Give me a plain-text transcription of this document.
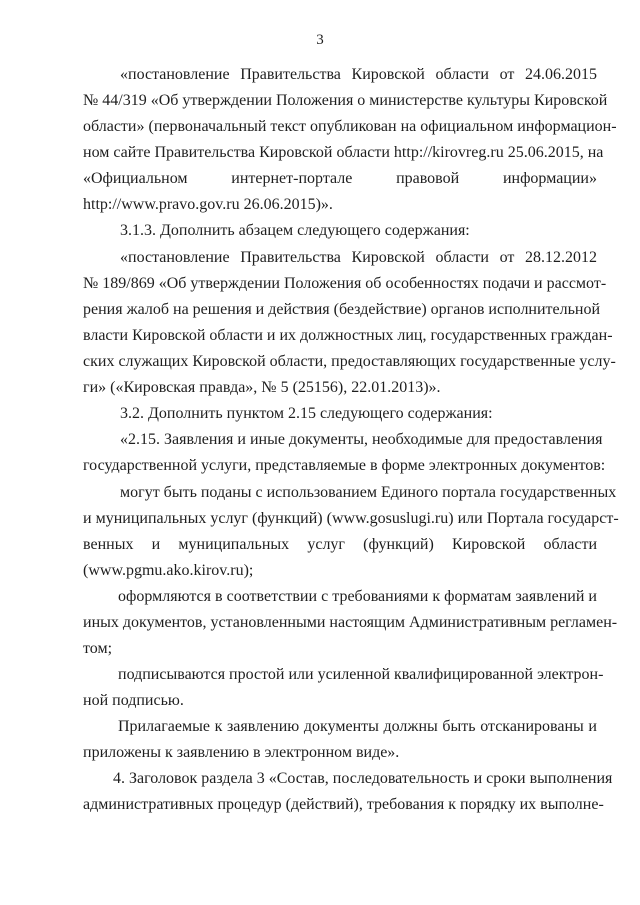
3
«постановление Правительства Кировской области от 24.06.2015
№ 44/319 «Об утверждении Положения о министерстве культуры Кировской
области» (первоначальный текст опубликован на официальном информацион-
ном сайте Правительства Кировской области http://kirovreg.ru 25.06.2015, на
«Официальном интернет-портале правовой информации»
http://www.pravo.gov.ru 26.06.2015)».
3.1.3. Дополнить абзацем следующего содержания:
«постановление Правительства Кировской области от 28.12.2012
№ 189/869 «Об утверждении Положения об особенностях подачи и рассмот-
рения жалоб на решения и действия (бездействие) органов исполнительной
власти Кировской области и их должностных лиц, государственных граждан-
ских служащих Кировской области, предоставляющих государственные услу-
ги» («Кировская правда», № 5 (25156), 22.01.2013)».
3.2. Дополнить пунктом 2.15 следующего содержания:
«2.15. Заявления и иные документы, необходимые для предоставления
государственной услуги, представляемые в форме электронных документов:
могут быть поданы с использованием Единого портала государственных
и муниципальных услуг (функций) (www.gosuslugi.ru) или Портала государст-
венных и муниципальных услуг (функций) Кировской области
(www.pgmu.ako.kirov.ru);
оформляются в соответствии с требованиями к форматам заявлений и
иных документов, установленными настоящим Административным регламен-
том;
подписываются простой или усиленной квалифицированной электрон-
ной подписью.
Прилагаемые к заявлению документы должны быть отсканированы и
приложены к заявлению в электронном виде».
4. Заголовок раздела 3 «Состав, последовательность и сроки выполнения
административных процедур (действий), требования к порядку их выполне-
